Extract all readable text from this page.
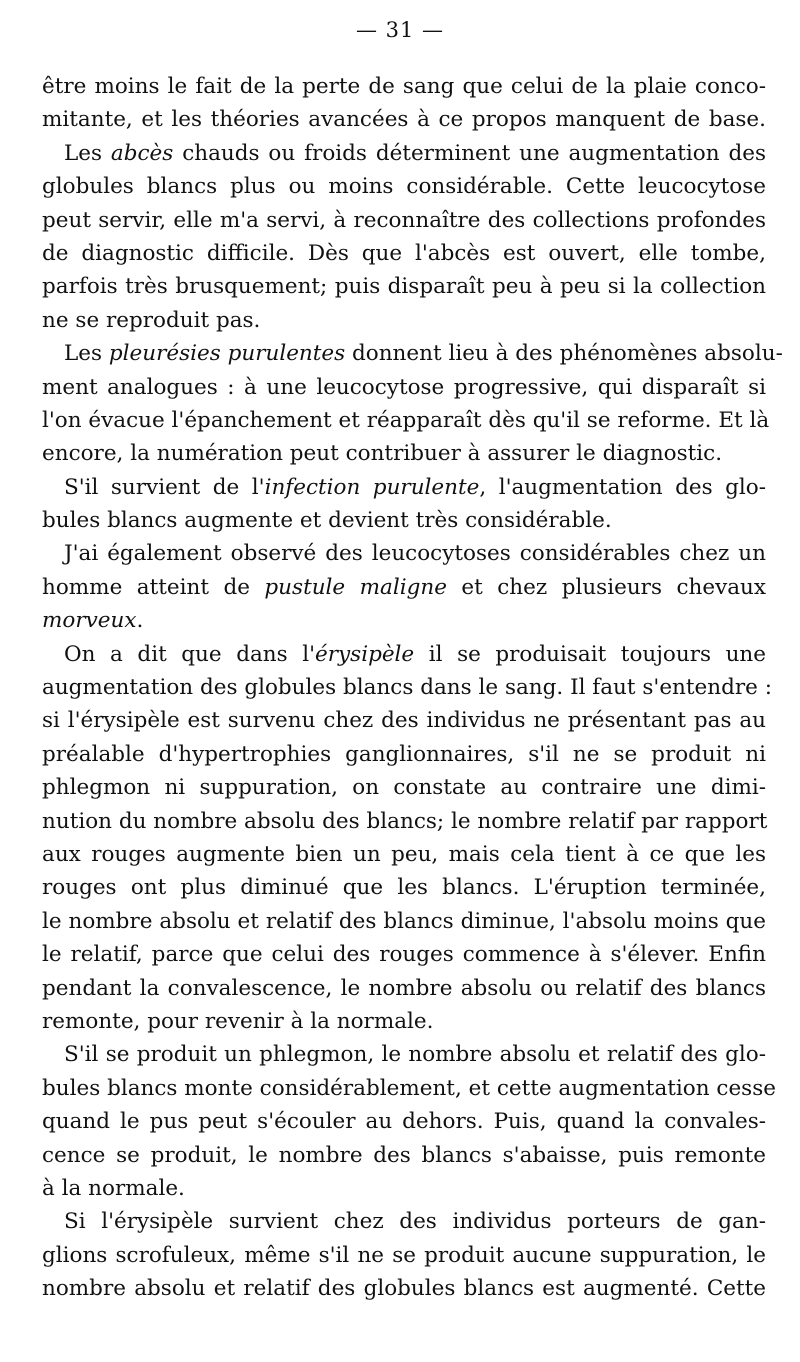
— 31 —
être moins le fait de la perte de sang que celui de la plaie conco-
mitante, et les théories avancées à ce propos manquent de base.
Les abcès chauds ou froids déterminent une augmentation des
globules blancs plus ou moins considérable. Cette leucocytose
peut servir, elle m'a servi, à reconnaître des collections profondes
de diagnostic difficile. Dès que l'abcès est ouvert, elle tombe,
parfois très brusquement; puis disparaît peu à peu si la collection
ne se reproduit pas.
Les pleurésies purulentes donnent lieu à des phénomènes absolu-
ment analogues : à une leucocytose progressive, qui disparaît si
l'on évacue l'épanchement et réapparaît dès qu'il se reforme. Et là
encore, la numération peut contribuer à assurer le diagnostic.
S'il survient de l'infection purulente, l'augmentation des glo-
bules blancs augmente et devient très considérable.
J'ai également observé des leucocytoses considérables chez un
homme atteint de pustule maligne et chez plusieurs chevaux
morveux.
On a dit que dans l'érysipèle il se produisait toujours une
augmentation des globules blancs dans le sang. Il faut s'entendre :
si l'érysipèle est survenu chez des individus ne présentant pas au
préalable d'hypertrophies ganglionnaires, s'il ne se produit ni
phlegmon ni suppuration, on constate au contraire une dimi-
nution du nombre absolu des blancs; le nombre relatif par rapport
aux rouges augmente bien un peu, mais cela tient à ce que les
rouges ont plus diminué que les blancs. L'éruption terminée,
le nombre absolu et relatif des blancs diminue, l'absolu moins que
le relatif, parce que celui des rouges commence à s'élever. Enfin
pendant la convalescence, le nombre absolu ou relatif des blancs
remonte, pour revenir à la normale.
S'il se produit un phlegmon, le nombre absolu et relatif des glo-
bules blancs monte considérablement, et cette augmentation cesse
quand le pus peut s'écouler au dehors. Puis, quand la convales-
cence se produit, le nombre des blancs s'abaisse, puis remonte
à la normale.
Si l'érysipèle survient chez des individus porteurs de gan-
glions scrofuleux, même s'il ne se produit aucune suppuration, le
nombre absolu et relatif des globules blancs est augmenté. Cette
